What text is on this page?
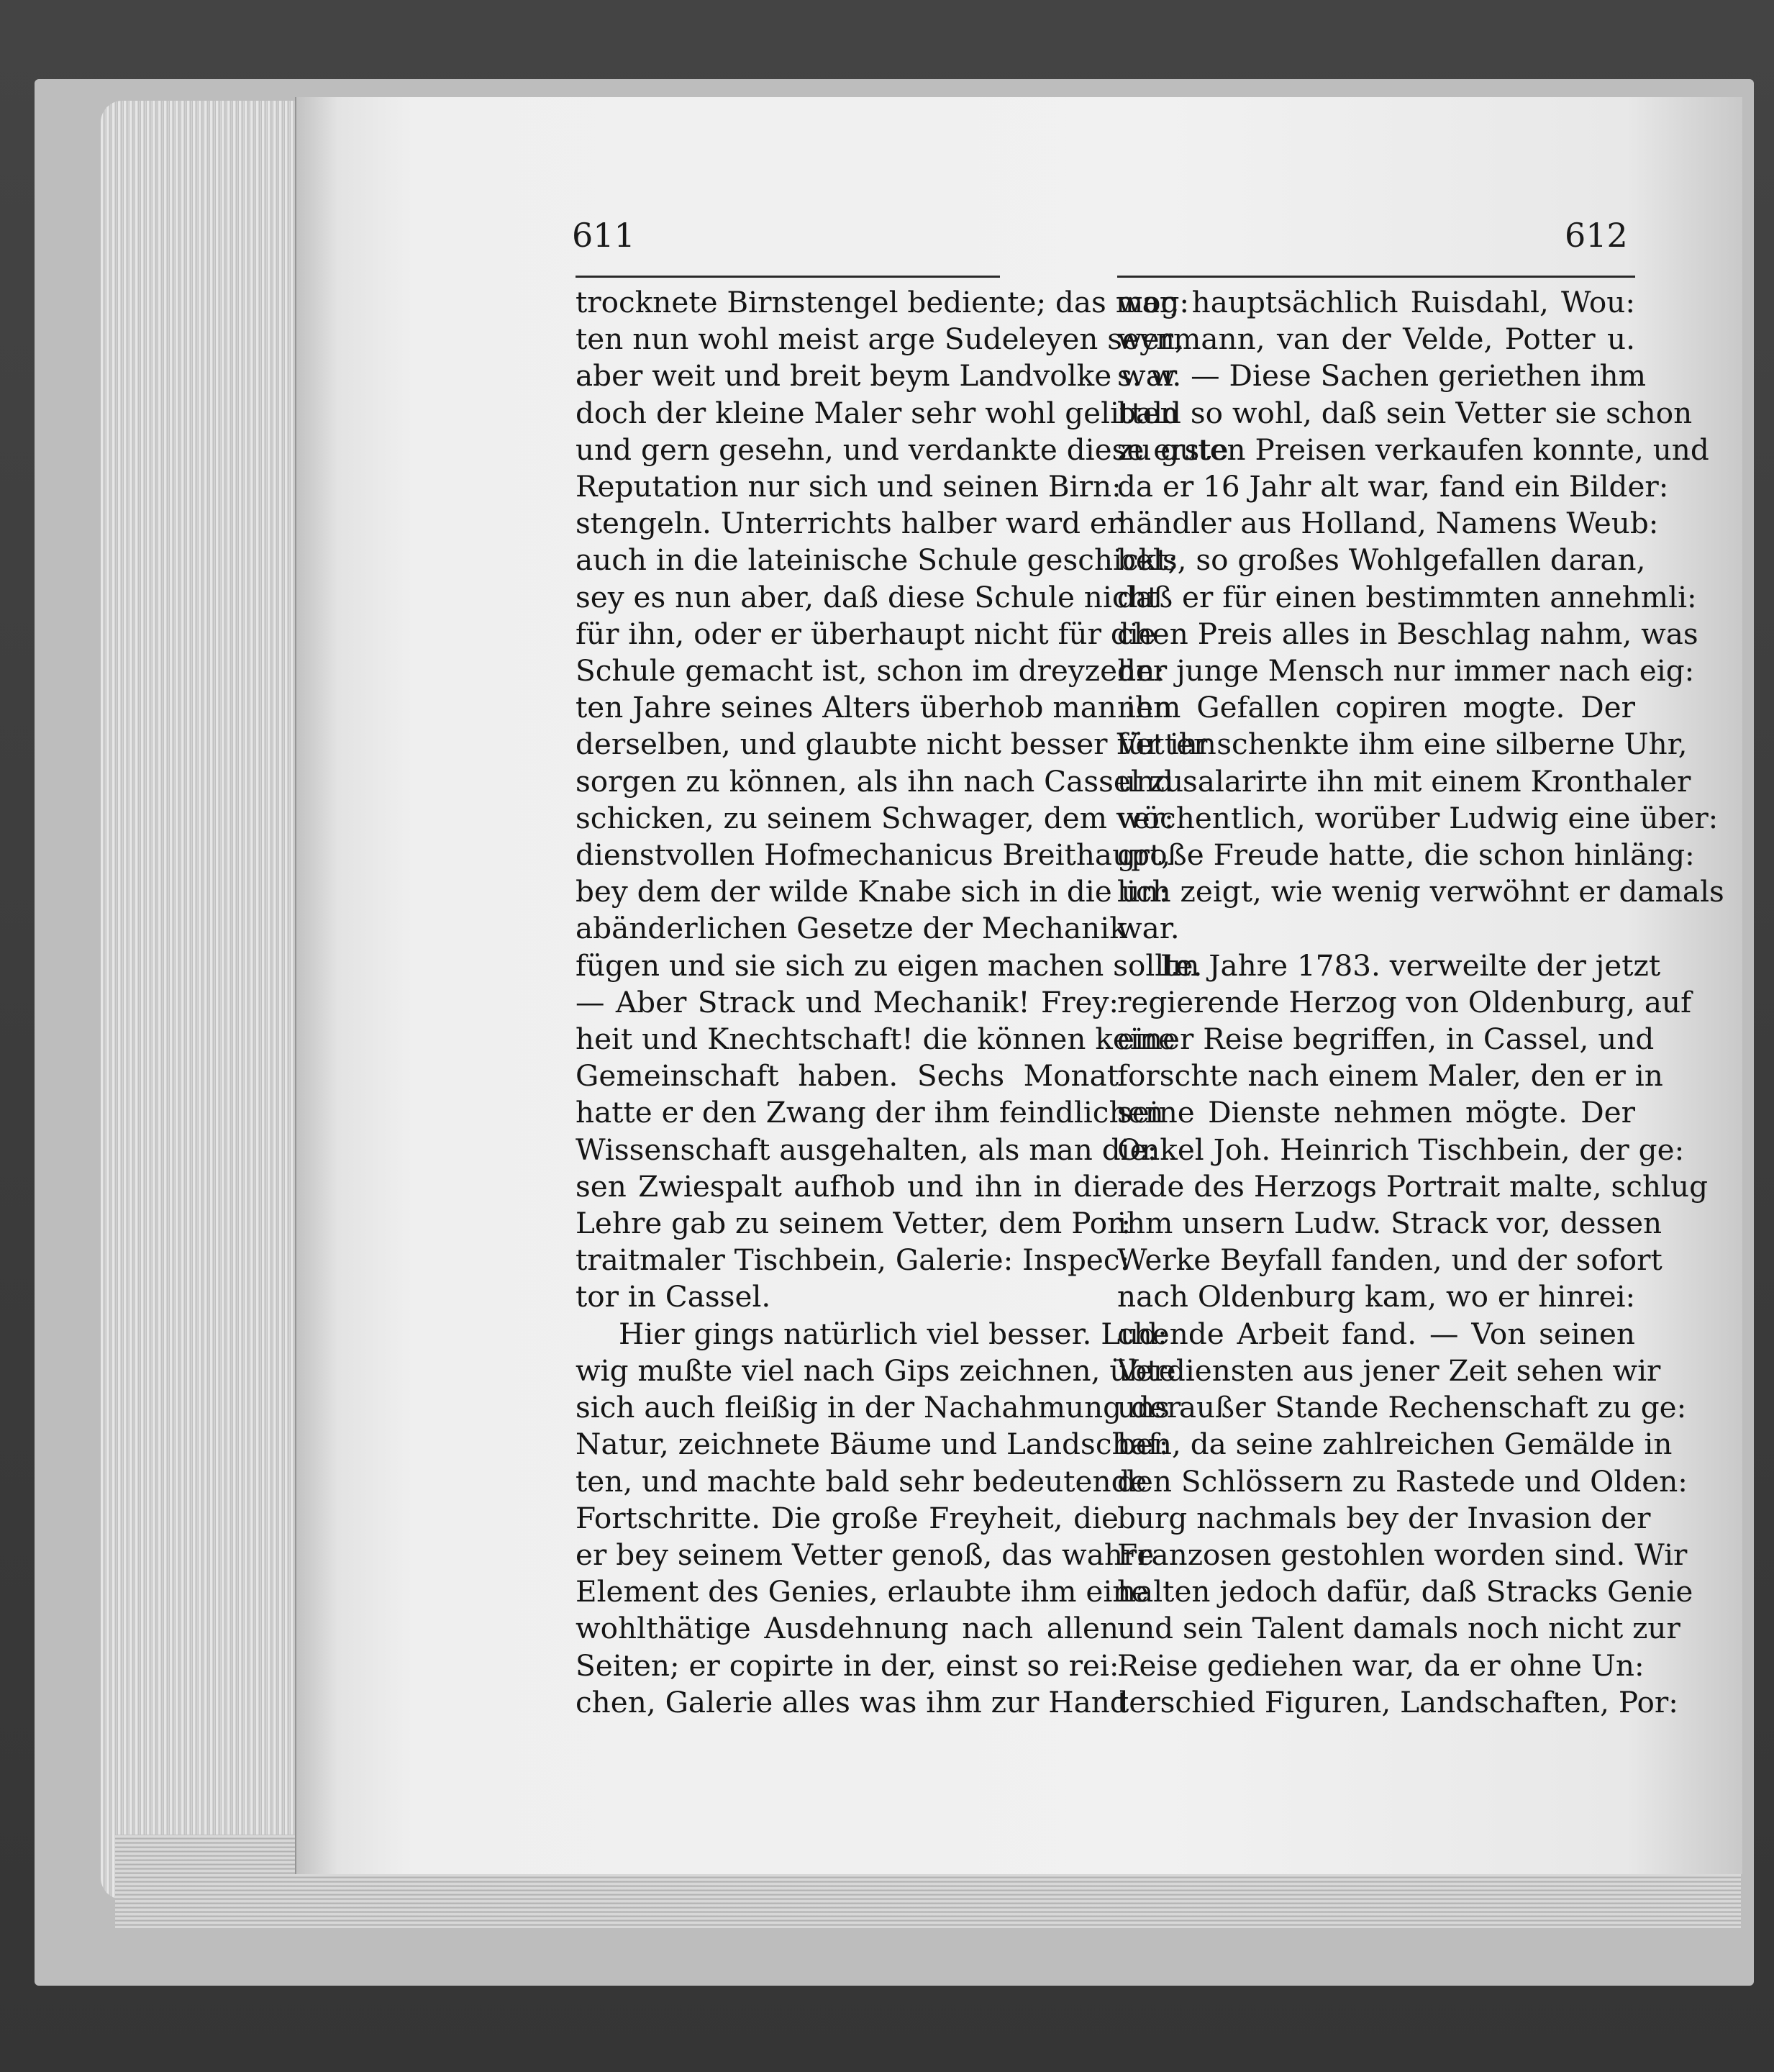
611	612
trocknete Birnstengel bediente; das mog:
ten nun wohl meist arge Sudeleyen seyn,
aber weit und breit beym Landvolke war
doch der kleine Maler sehr wohl gelitten
und gern gesehn, und verdankte diese erste
Reputation nur sich und seinen Birn:
stengeln. Unterrichts halber ward er
auch in die lateinische Schule geschickt;
sey es nun aber, daß diese Schule nicht
für ihn, oder er überhaupt nicht für die
Schule gemacht ist, schon im dreyzehn:
ten Jahre seines Alters überhob man ihn
derselben, und glaubte nicht besser für ihn
sorgen zu können, als ihn nach Cassel zu
schicken, zu seinem Schwager, dem ver:
dienstvollen Hofmechanicus Breithaupt,
bey dem der wilde Knabe sich in die un:
abänderlichen Gesetze der Mechanik
fügen und sie sich zu eigen machen sollte.
— Aber Strack und Mechanik! Frey:
heit und Knechtschaft! die können keine
Gemeinschaft haben. Sechs Monat
hatte er den Zwang der ihm feindlichen
Wissenschaft ausgehalten, als man die:
sen Zwiespalt aufhob und ihn in die
Lehre gab zu seinem Vetter, dem Por:
traitmaler Tischbein, Galerie: Inspec:
tor in Cassel.
Hier gings natürlich viel besser. Lud:
wig mußte viel nach Gips zeichnen, übte
sich auch fleißig in der Nachahmung der
Natur, zeichnete Bäume und Landschaf:
ten, und machte bald sehr bedeutende
Fortschritte. Die große Freyheit, die
er bey seinem Vetter genoß, das wahre
Element des Genies, erlaubte ihm eine
wohlthätige Ausdehnung nach allen
Seiten; er copirte in der, einst so rei:
chen, Galerie alles was ihm zur Hand
war, hauptsächlich Ruisdahl, Wou:
wermann, van der Velde, Potter u.
s. w. — Diese Sachen geriethen ihm
bald so wohl, daß sein Vetter sie schon
zu guten Preisen verkaufen konnte, und
da er 16 Jahr alt war, fand ein Bilder:
händler aus Holland, Namens Weub:
bels, so großes Wohlgefallen daran,
daß er für einen bestimmten annehmli:
chen Preis alles in Beschlag nahm, was
der junge Mensch nur immer nach eig:
nem Gefallen copiren mogte. Der
Vetter schenkte ihm eine silberne Uhr,
und salarirte ihn mit einem Kronthaler
wöchentlich, worüber Ludwig eine über:
große Freude hatte, die schon hinläng:
lich zeigt, wie wenig verwöhnt er damals
war.
Im Jahre 1783. verweilte der jetzt
regierende Herzog von Oldenburg, auf
einer Reise begriffen, in Cassel, und
forschte nach einem Maler, den er in
seine Dienste nehmen mögte. Der
Onkel Joh. Heinrich Tischbein, der ge:
rade des Herzogs Portrait malte, schlug
ihm unsern Ludw. Strack vor, dessen
Werke Beyfall fanden, und der sofort
nach Oldenburg kam, wo er hinrei:
chende Arbeit fand. — Von seinen
Verdiensten aus jener Zeit sehen wir
uns außer Stande Rechenschaft zu ge:
ben, da seine zahlreichen Gemälde in
den Schlössern zu Rastede und Olden:
burg nachmals bey der Invasion der
Franzosen gestohlen worden sind. Wir
halten jedoch dafür, daß Stracks Genie
und sein Talent damals noch nicht zur
Reise gediehen war, da er ohne Un:
terschied Figuren, Landschaften, Por:
